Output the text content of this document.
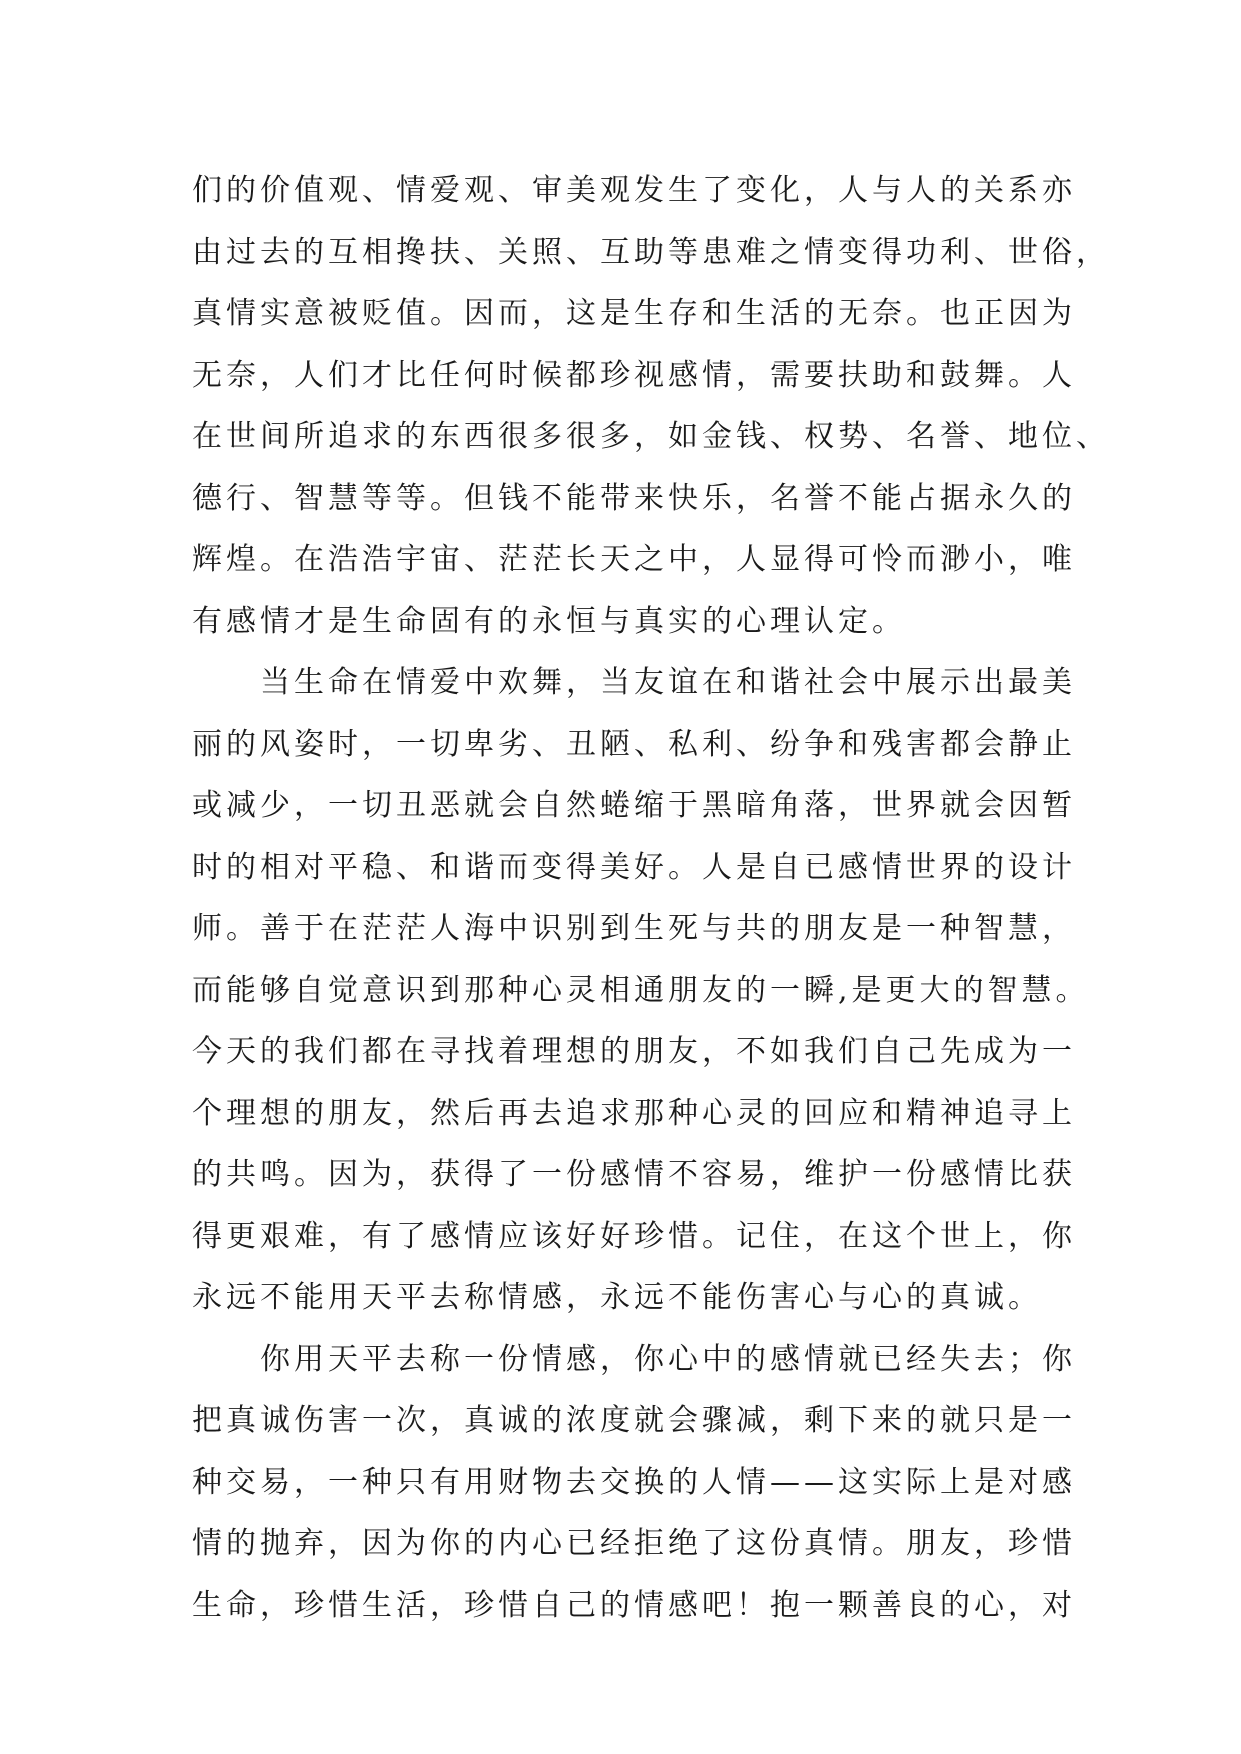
们的价值观、情爱观、审美观发生了变化，人与人的关系亦
由过去的互相搀扶、关照、互助等患难之情变得功利、世俗，
真情实意被贬值。因而，这是生存和生活的无奈。也正因为
无奈，人们才比任何时候都珍视感情，需要扶助和鼓舞。人
在世间所追求的东西很多很多，如金钱、权势、名誉、地位、
德行、智慧等等。但钱不能带来快乐，名誉不能占据永久的
辉煌。在浩浩宇宙、茫茫长天之中，人显得可怜而渺小，唯
有感情才是生命固有的永恒与真实的心理认定。
当生命在情爱中欢舞，当友谊在和谐社会中展示出最美
丽的风姿时，一切卑劣、丑陋、私利、纷争和残害都会静止
或减少，一切丑恶就会自然蜷缩于黑暗角落，世界就会因暂
时的相对平稳、和谐而变得美好。人是自已感情世界的设计
师。善于在茫茫人海中识别到生死与共的朋友是一种智慧，
而能够自觉意识到那种心灵相通朋友的一瞬,是更大的智慧。
今天的我们都在寻找着理想的朋友，不如我们自己先成为一
个理想的朋友，然后再去追求那种心灵的回应和精神追寻上
的共鸣。因为，获得了一份感情不容易，维护一份感情比获
得更艰难，有了感情应该好好珍惜。记住，在这个世上，你
永远不能用天平去称情感，永远不能伤害心与心的真诚。
你用天平去称一份情感，你心中的感情就已经失去；你
把真诚伤害一次，真诚的浓度就会骤减，剩下来的就只是一
种交易，一种只有用财物去交换的人情——这实际上是对感
情的抛弃，因为你的内心已经拒绝了这份真情。朋友，珍惜
生命，珍惜生活，珍惜自己的情感吧！抱一颗善良的心，对
